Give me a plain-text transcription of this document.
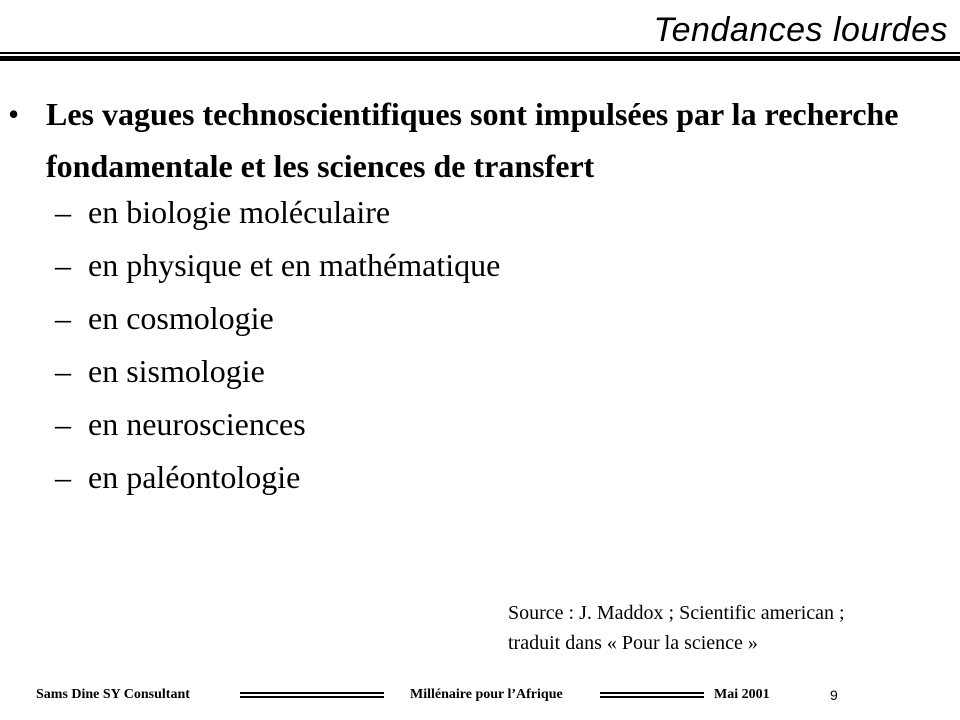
Tendances lourdes
• Les vagues technoscientifiques sont impulsées par la recherche fondamentale et les sciences de transfert
– en biologie moléculaire
– en physique et en mathématique
– en cosmologie
– en sismologie
– en neurosciences
– en paléontologie
Source : J. Maddox ; Scientific american ;
traduit dans « Pour la science »
Sams Dine SY Consultant	Millénaire pour l’Afrique	Mai 2001	9
